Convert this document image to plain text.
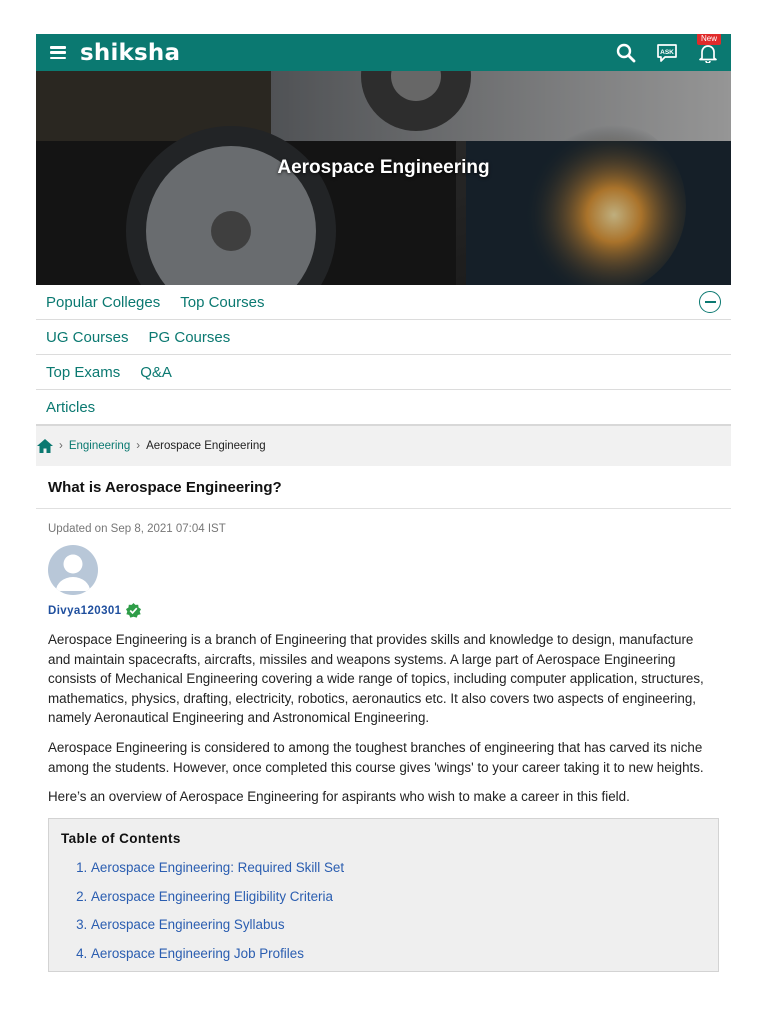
shiksha	ASK
New
Aerospace Engineering
Popular Colleges Top Courses
UG Courses PG Courses
Top Exams Q&A
Articles
› Engineering › Aerospace Engineering
What is Aerospace Engineering?
Updated on Sep 8, 2021 07:04 IST
Divya120301

Aerospace Engineering is a branch of Engineering that provides skills and knowledge to design, manufacture and maintain spacecrafts, aircrafts, missiles and weapons systems. A large part of Aerospace Engineering consists of Mechanical Engineering covering a wide range of topics, including computer application, structures, mathematics, physics, drafting, electricity, robotics, aeronautics etc. It also covers two aspects of engineering, namely Aeronautical Engineering and Astronomical Engineering.

Aerospace Engineering is considered to among the toughest branches of engineering that has carved its niche among the students. However, once completed this course gives 'wings' to your career taking it to new heights.

Here’s an overview of Aerospace Engineering for aspirants who wish to make a career in this field.

Table of Contents
1. Aerospace Engineering: Required Skill Set
2. Aerospace Engineering Eligibility Criteria
3. Aerospace Engineering Syllabus
4. Aerospace Engineering Job Profiles
